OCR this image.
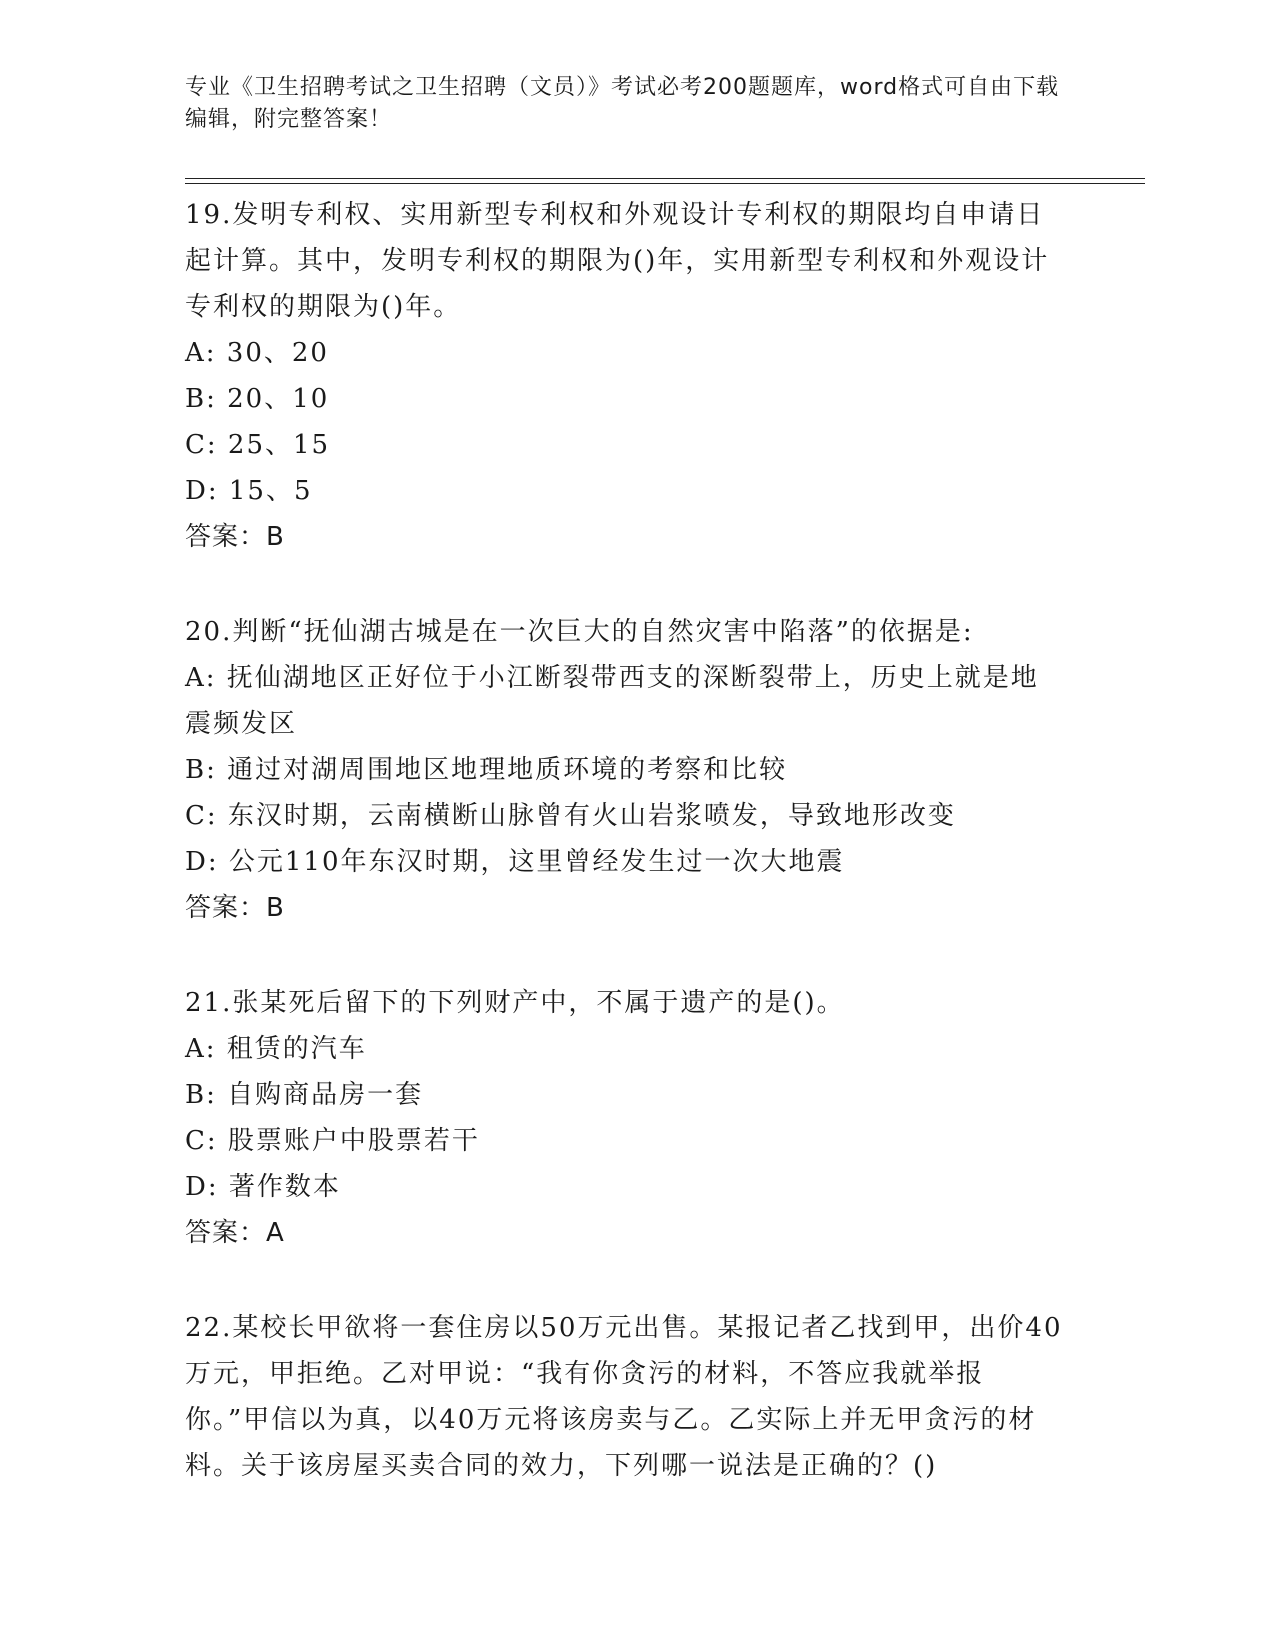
专业《卫生招聘考试之卫生招聘（文员）》考试必考200题题库，word格式可自由下载编辑，附完整答案！

19.发明专利权、实用新型专利权和外观设计专利权的期限均自申请日起计算。其中，发明专利权的期限为()年，实用新型专利权和外观设计专利权的期限为()年。

A: 30、20

B: 20、10

C: 25、15

D: 15、5

答案：B

20.判断“抚仙湖古城是在一次巨大的自然灾害中陷落”的依据是:

A: 抚仙湖地区正好位于小江断裂带西支的深断裂带上，历史上就是地震频发区

B: 通过对湖周围地区地理地质环境的考察和比较

C: 东汉时期，云南横断山脉曾有火山岩浆喷发，导致地形改变

D: 公元110年东汉时期，这里曾经发生过一次大地震

答案：B

21.张某死后留下的下列财产中，不属于遗产的是()。

A: 租赁的汽车

B: 自购商品房一套

C: 股票账户中股票若干

D: 著作数本

答案：A

22.某校长甲欲将一套住房以50万元出售。某报记者乙找到甲，出价40万元，甲拒绝。乙对甲说：“我有你贪污的材料，不答应我就举报你。”甲信以为真，以40万元将该房卖与乙。乙实际上并无甲贪污的材料。关于该房屋买卖合同的效力，下列哪一说法是正确的？()
